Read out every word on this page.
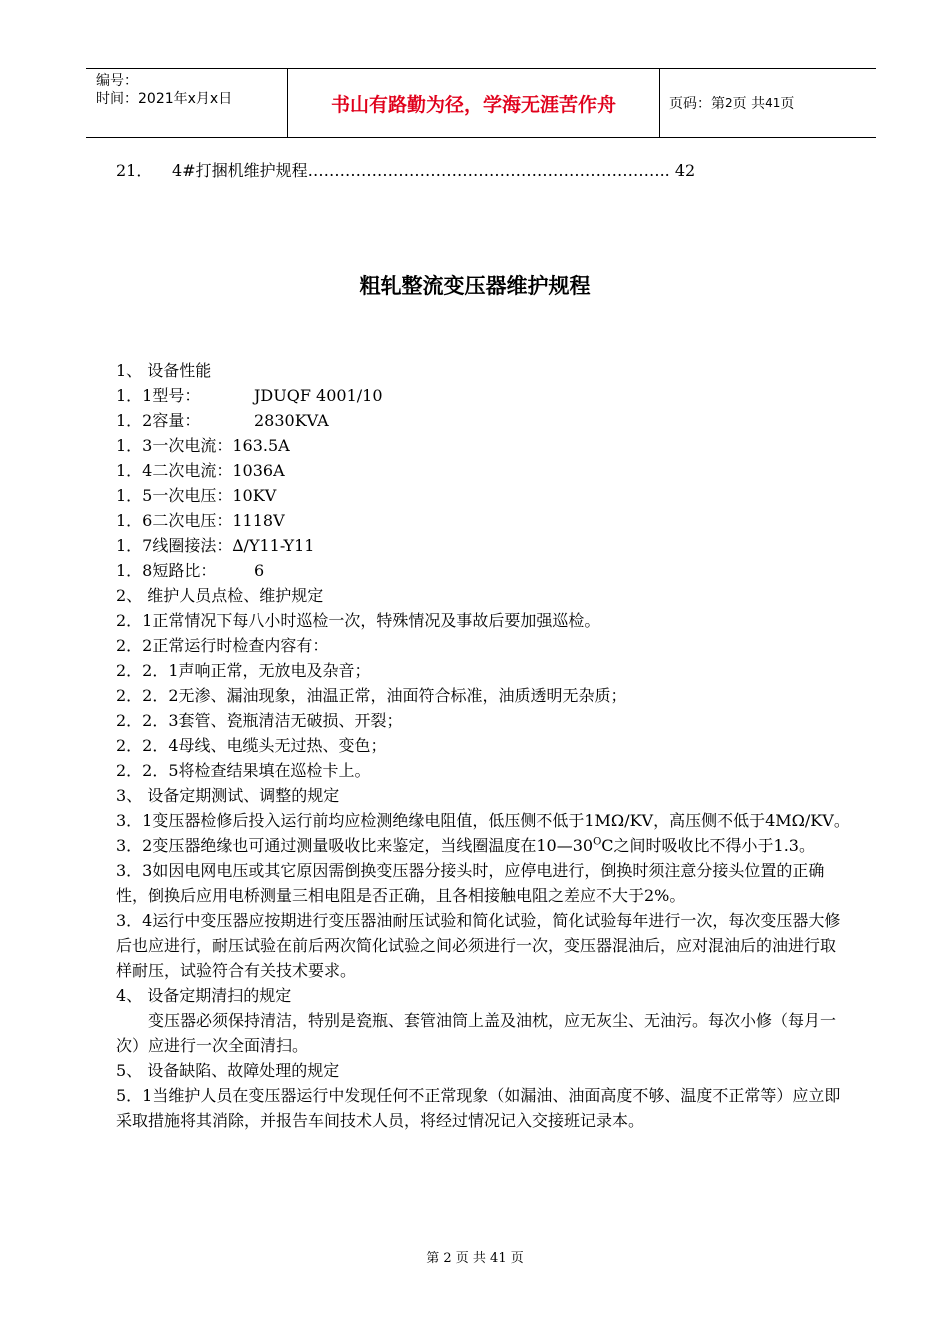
编号：
时间：2021年x月x日	书山有路勤为径，学海无涯苦作舟	页码：第 2 页 共 41 页
21． 4#打捆机维护规程………………………………………………………….. 42
粗轧整流变压器维护规程

1、 设备性能

1．1型号：	JDUQF 4001/10

1．2容量：	2830KVA

1．3一次电流：163.5A

1．4二次电流：1036A

1．5一次电压：10KV

1．6二次电压：1118V

1．7线圈接法：∆/Y11-Y11

1．8短路比： 6

2、 维护人员点检、维护规定

2．1正常情况下每八小时巡检一次，特殊情况及事故后要加强巡检。

2．2正常运行时检查内容有：

2．2．1声响正常，无放电及杂音；

2．2．2无渗、漏油现象，油温正常，油面符合标准，油质透明无杂质；

2．2．3套管、瓷瓶清洁无破损、开裂；

2．2．4母线、电缆头无过热、变色；

2．2．5将检查结果填在巡检卡上。

3、 设备定期测试、调整的规定

3．1变压器检修后投入运行前均应检测绝缘电阻值，低压侧不低于1MΩ/KV，高压侧不低于4MΩ/KV。

3．2变压器绝缘也可通过测量吸收比来鉴定，当线圈温度在$10—30^OC$之间时吸收比不得小于1.3。

3．3如因电网电压或其它原因需倒换变压器分接头时，应停电进行，倒换时须注意分接头位置的正确性，倒换后应用电桥测量三相电阻是否正确，且各相接触电阻之差应不大于2%。

3．4运行中变压器应按期进行变压器油耐压试验和简化试验，简化试验每年进行一次，每次变压器大修后也应进行，耐压试验在前后两次简化试验之间必须进行一次，变压器混油后，应对混油后的油进行取样耐压，试验符合有关技术要求。

4、 设备定期清扫的规定

变压器必须保持清洁，特别是瓷瓶、套管油筒上盖及油枕，应无灰尘、无油污。每次小修（每月一次）应进行一次全面清扫。

5、 设备缺陷、故障处理的规定

5．1当维护人员在变压器运行中发现任何不正常现象（如漏油、油面高度不够、温度不正常等）应立即采取措施将其消除，并报告车间技术人员，将经过情况记入交接班记录本。

第 2 页 共 41 页
